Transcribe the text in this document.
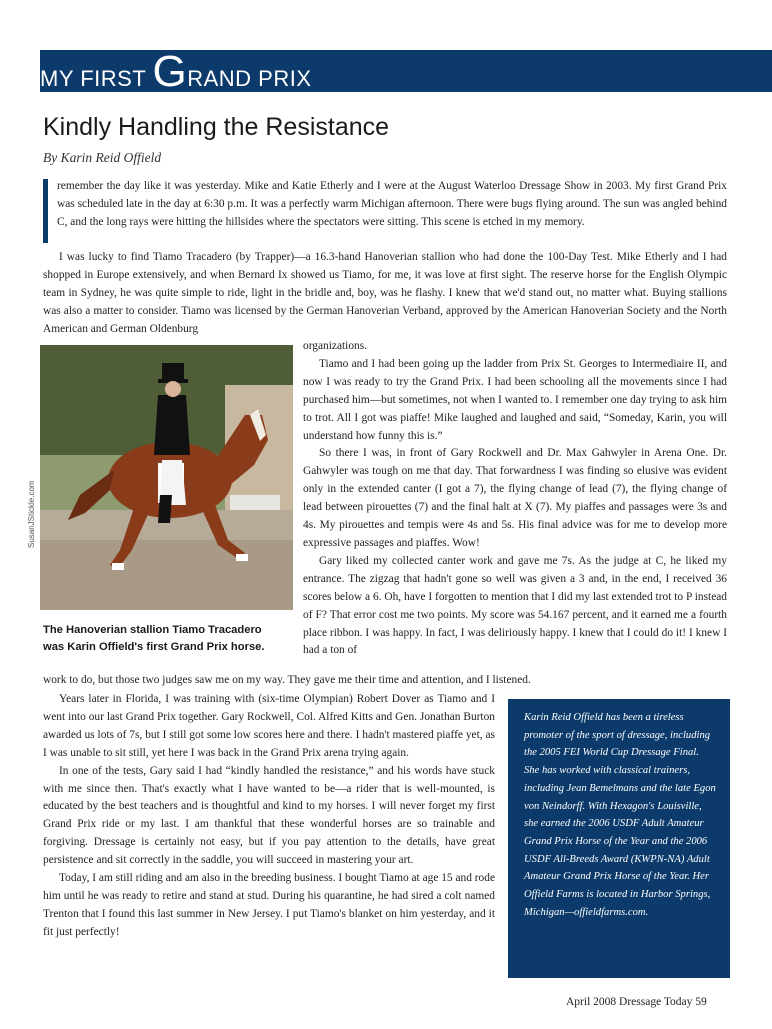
MY FIRST GRAND PRIX
Kindly Handling the Resistance
By Karin Reid Offield

remember the day like it was yesterday. Mike and Katie Etherly and I were at the August Waterloo Dressage Show in 2003. My first Grand Prix was scheduled late in the day at 6:30 p.m. It was a perfectly warm Michigan afternoon. There were bugs flying around. The sun was angled behind C, and the long rays were hitting the hillsides where the spectators were sitting. This scene is etched in my memory.

I was lucky to find Tiamo Tracadero (by Trapper)—a 16.3-hand Hanoverian stallion who had done the 100-Day Test. Mike Etherly and I had shopped in Europe extensively, and when Bernard Ix showed us Tiamo, for me, it was love at first sight. The reserve horse for the English Olympic team in Sydney, he was quite simple to ride, light in the bridle and, boy, was he flashy. I knew that we'd stand out, no matter what. Buying stallions was also a matter to consider. Tiamo was licensed by the German Hanoverian Verband, approved by the American Hanoverian Society and the North American and German Oldenburg

SusanJStickle.com
The Hanoverian stallion Tiamo Tracadero
was Karin Offield's first Grand Prix horse.

organizations.

Tiamo and I had been going up the ladder from Prix St. Georges to Intermediaire II, and now I was ready to try the Grand Prix. I had been schooling all the movements since I had purchased him—but sometimes, not when I wanted to. I remember one day trying to ask him to trot. All I got was piaffe! Mike laughed and laughed and said, “Someday, Karin, you will understand how funny this is.”

So there I was, in front of Gary Rockwell and Dr. Max Gahwyler in Arena One. Dr. Gahwyler was tough on me that day. That forwardness I was finding so elusive was evident only in the extended canter (I got a 7), the flying change of lead (7), the flying change of lead between pirouettes (7) and the final halt at X (7). My piaffes and passages were 3s and 4s. My pirouettes and tempis were 4s and 5s. His final advice was for me to develop more expressive passages and piaffes. Wow!

Gary liked my collected canter work and gave me 7s. As the judge at C, he liked my entrance. The zigzag that hadn't gone so well was given a 3 and, in the end, I received 36 scores below a 6. Oh, have I forgotten to mention that I did my last extended trot to P instead of F? That error cost me two points. My score was 54.167 percent, and it earned me a fourth place ribbon. I was happy. In fact, I was deliriously happy. I knew that I could do it! I knew I had a ton of

work to do, but those two judges saw me on my way. They gave me their time and attention, and I listened.

Years later in Florida, I was training with (six-time Olympian) Robert Dover as Tiamo and I went into our last Grand Prix together. Gary Rockwell, Col. Alfred Kitts and Gen. Jonathan Burton awarded us lots of 7s, but I still got some low scores here and there. I hadn't mastered piaffe yet, as I was unable to sit still, yet here I was back in the Grand Prix arena trying again.

In one of the tests, Gary said I had “kindly handled the resistance,” and his words have stuck with me since then. That's exactly what I have wanted to be—a rider that is well-mounted, is educated by the best teachers and is thoughtful and kind to my horses. I will never forget my first Grand Prix ride or my last. I am thankful that these wonderful horses are so trainable and forgiving. Dressage is certainly not easy, but if you pay attention to the details, have great persistence and sit correctly in the saddle, you will succeed in mastering your art.

Today, I am still riding and am also in the breeding business. I bought Tiamo at age 15 and rode him until he was ready to retire and stand at stud. During his quarantine, he had sired a colt named Trenton that I found this last summer in New Jersey. I put Tiamo's blanket on him yesterday, and it fit just perfectly!

Karin Reid Offield has been a tireless promoter of the sport of dressage, including the 2005 FEI World Cup Dressage Final. She has worked with classical trainers, including Jean Bemelmans and the late Egon von Neindorff. With Hexagon's Louisville, she earned the 2006 USDF Adult Amateur Grand Prix Horse of the Year and the 2006 USDF All-Breeds Award (KWPN-NA) Adult Amateur Grand Prix Horse of the Year. Her Offield Farms is located in Harbor Springs, Michigan—offieldfarms.com.

April 2008 Dressage Today 59
